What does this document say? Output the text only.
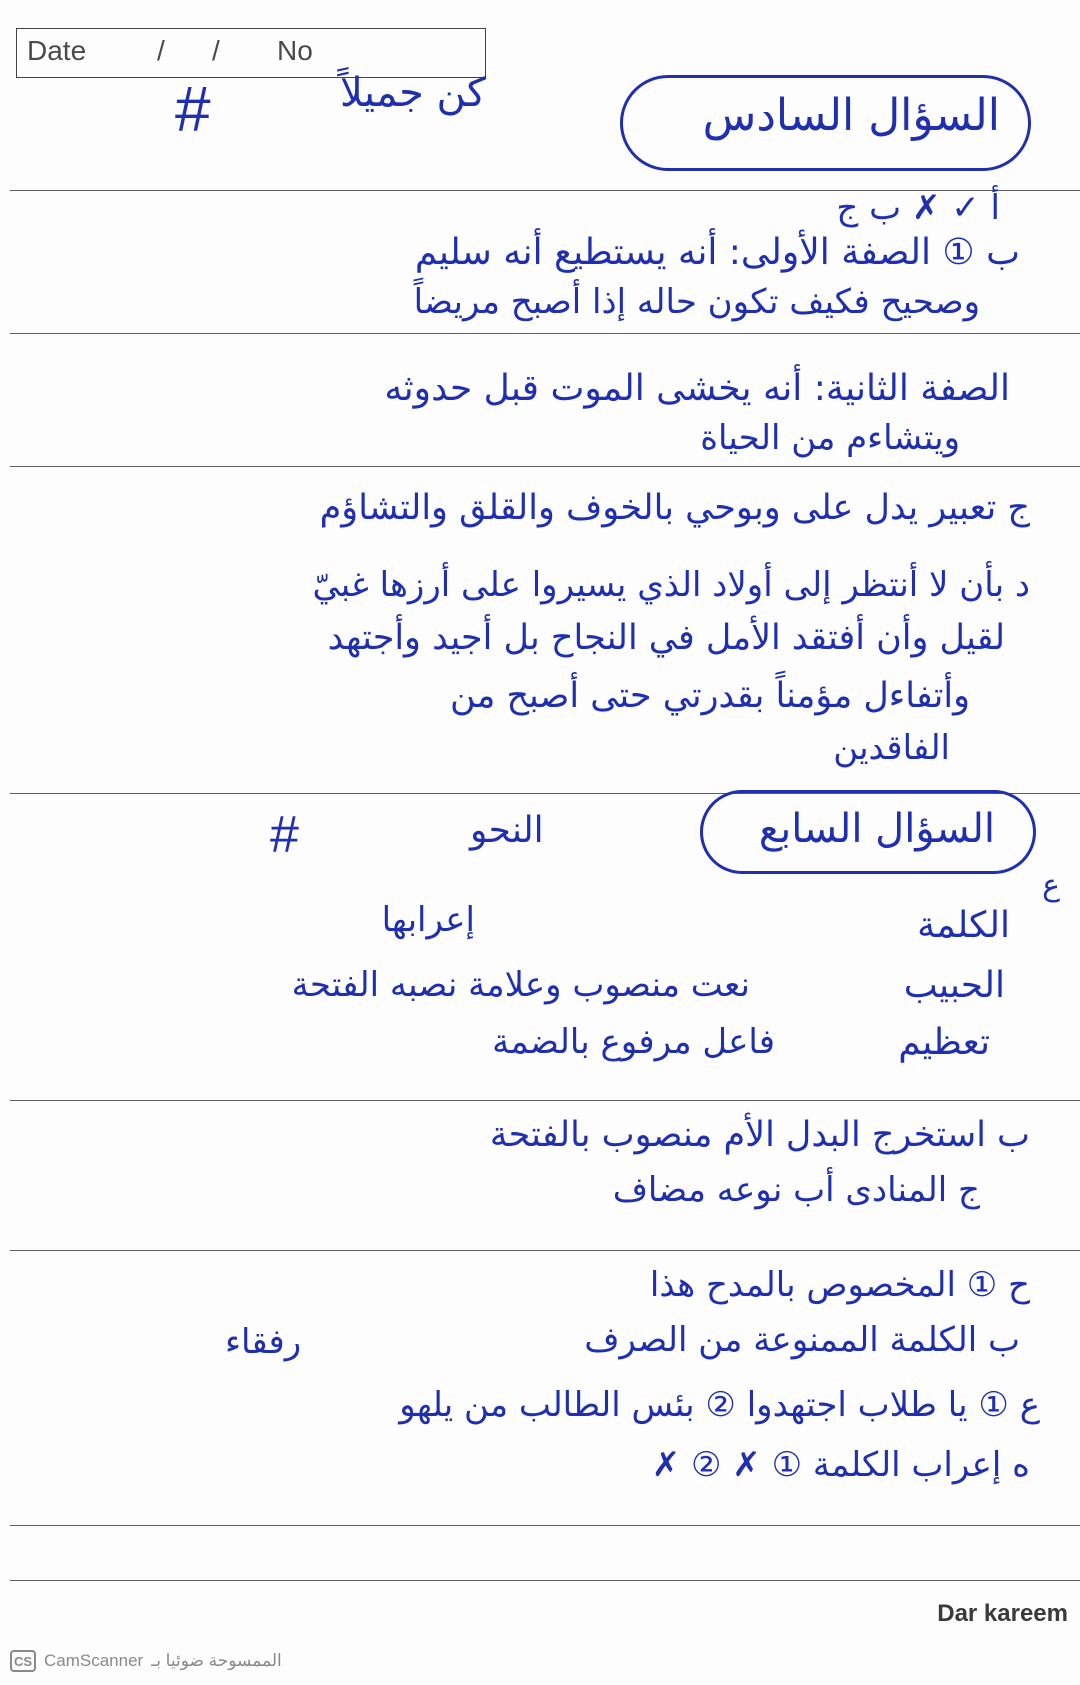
Date	/ / No
السؤال السادس
كن جميلاً
#
أ ✓ ✗ ب ج
ب ① الصفة الأولى: أنه يستطيع أنه سليم
وصحيح فكيف تكون حاله إذا أصبح مريضاً
الصفة الثانية: أنه يخشى الموت قبل حدوثه
ويتشاءم من الحياة
ج تعبير يدل على وبوحي بالخوف والقلق والتشاؤم
د بأن لا أنتظر إلى أولاد الذي يسيروا على أرزها غبيّ
لقيل وأن أفتقد الأمل في النجاح بل أجيد وأجتهد
وأتفاءل مؤمناً بقدرتي حتى أصبح من
الفاقدين
السؤال السابع
النحو
#
ع
الكلمة
إعرابها
الحبيب
نعت منصوب وعلامة نصبه الفتحة
تعظيم
فاعل مرفوع بالضمة
ب استخرج البدل الأم منصوب بالفتحة
ج المنادى أب نوعه مضاف
ح ① المخصوص بالمدح هذا
ب الكلمة الممنوعة من الصرف
رفقاء
ع ① يا طلاب اجتهدوا ② بئس الطالب من يلهو
ه إعراب الكلمة ① ✗ ② ✗
Dar kareem
CS CamScanner الممسوحة ضوئيا بـ
